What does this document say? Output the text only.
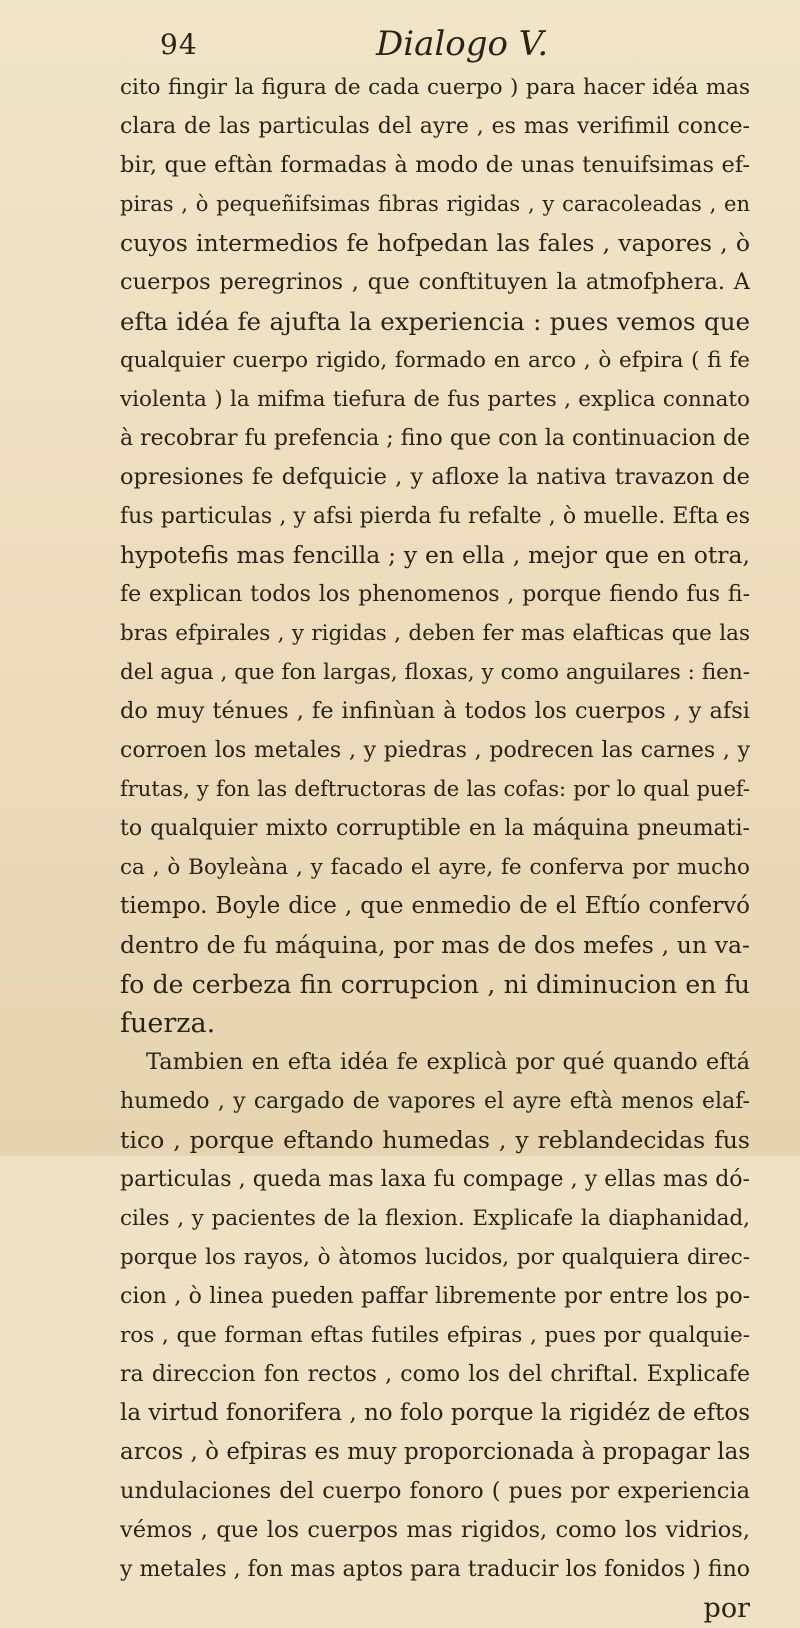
94	Dialogo V.
cito fingir la figura de cada cuerpo ) para hacer idéa mas
clara de las particulas del ayre , es mas verifimil conce-
bir, que eftàn formadas à modo de unas tenuifsimas ef-
piras , ò pequeñifsimas fibras rigidas , y caracoleadas , en
cuyos intermedios fe hofpedan las fales , vapores , ò
cuerpos peregrinos , que conftituyen la atmofphera. A
efta idéa fe ajufta la experiencia : pues vemos que
qualquier cuerpo rigido, formado en arco , ò efpira ( fi fe
violenta ) la mifma tiefura de fus partes , explica connato
à recobrar fu prefencia ; fino que con la continuacion de
opresiones fe defquicie , y afloxe la nativa travazon de
fus particulas , y afsi pierda fu refalte , ò muelle. Efta es
hypotefis mas fencilla ; y en ella , mejor que en otra,
fe explican todos los phenomenos , porque fiendo fus fi-
bras efpirales , y rigidas , deben fer mas elafticas que las
del agua , que fon largas, floxas, y como anguilares : fien-
do muy ténues , fe infinùan à todos los cuerpos , y afsi
corroen los metales , y piedras , podrecen las carnes , y
frutas, y fon las deftructoras de las cofas: por lo qual puef-
to qualquier mixto corruptible en la máquina pneumati-
ca , ò Boyleàna , y facado el ayre, fe conferva por mucho
tiempo. Boyle dice , que enmedio de el Eftío confervó
dentro de fu máquina, por mas de dos mefes , un va-
fo de cerbeza fin corrupcion , ni diminucion en fu
fuerza.
Tambien en efta idéa fe explicà por qué quando eftá
humedo , y cargado de vapores el ayre eftà menos elaf-
tico , porque eftando humedas , y reblandecidas fus
particulas , queda mas laxa fu compage , y ellas mas dó-
ciles , y pacientes de la flexion. Explicafe la diaphanidad,
porque los rayos, ò àtomos lucidos, por qualquiera direc-
cion , ò linea pueden paffar libremente por entre los po-
ros , que forman eftas futiles efpiras , pues por qualquie-
ra direccion fon rectos , como los del chriftal. Explicafe
la virtud fonorifera , no folo porque la rigidéz de eftos
arcos , ò efpiras es muy proporcionada à propagar las
undulaciones del cuerpo fonoro ( pues por experiencia
vémos , que los cuerpos mas rigidos, como los vidrios,
y metales , fon mas aptos para traducir los fonidos ) fino
por
